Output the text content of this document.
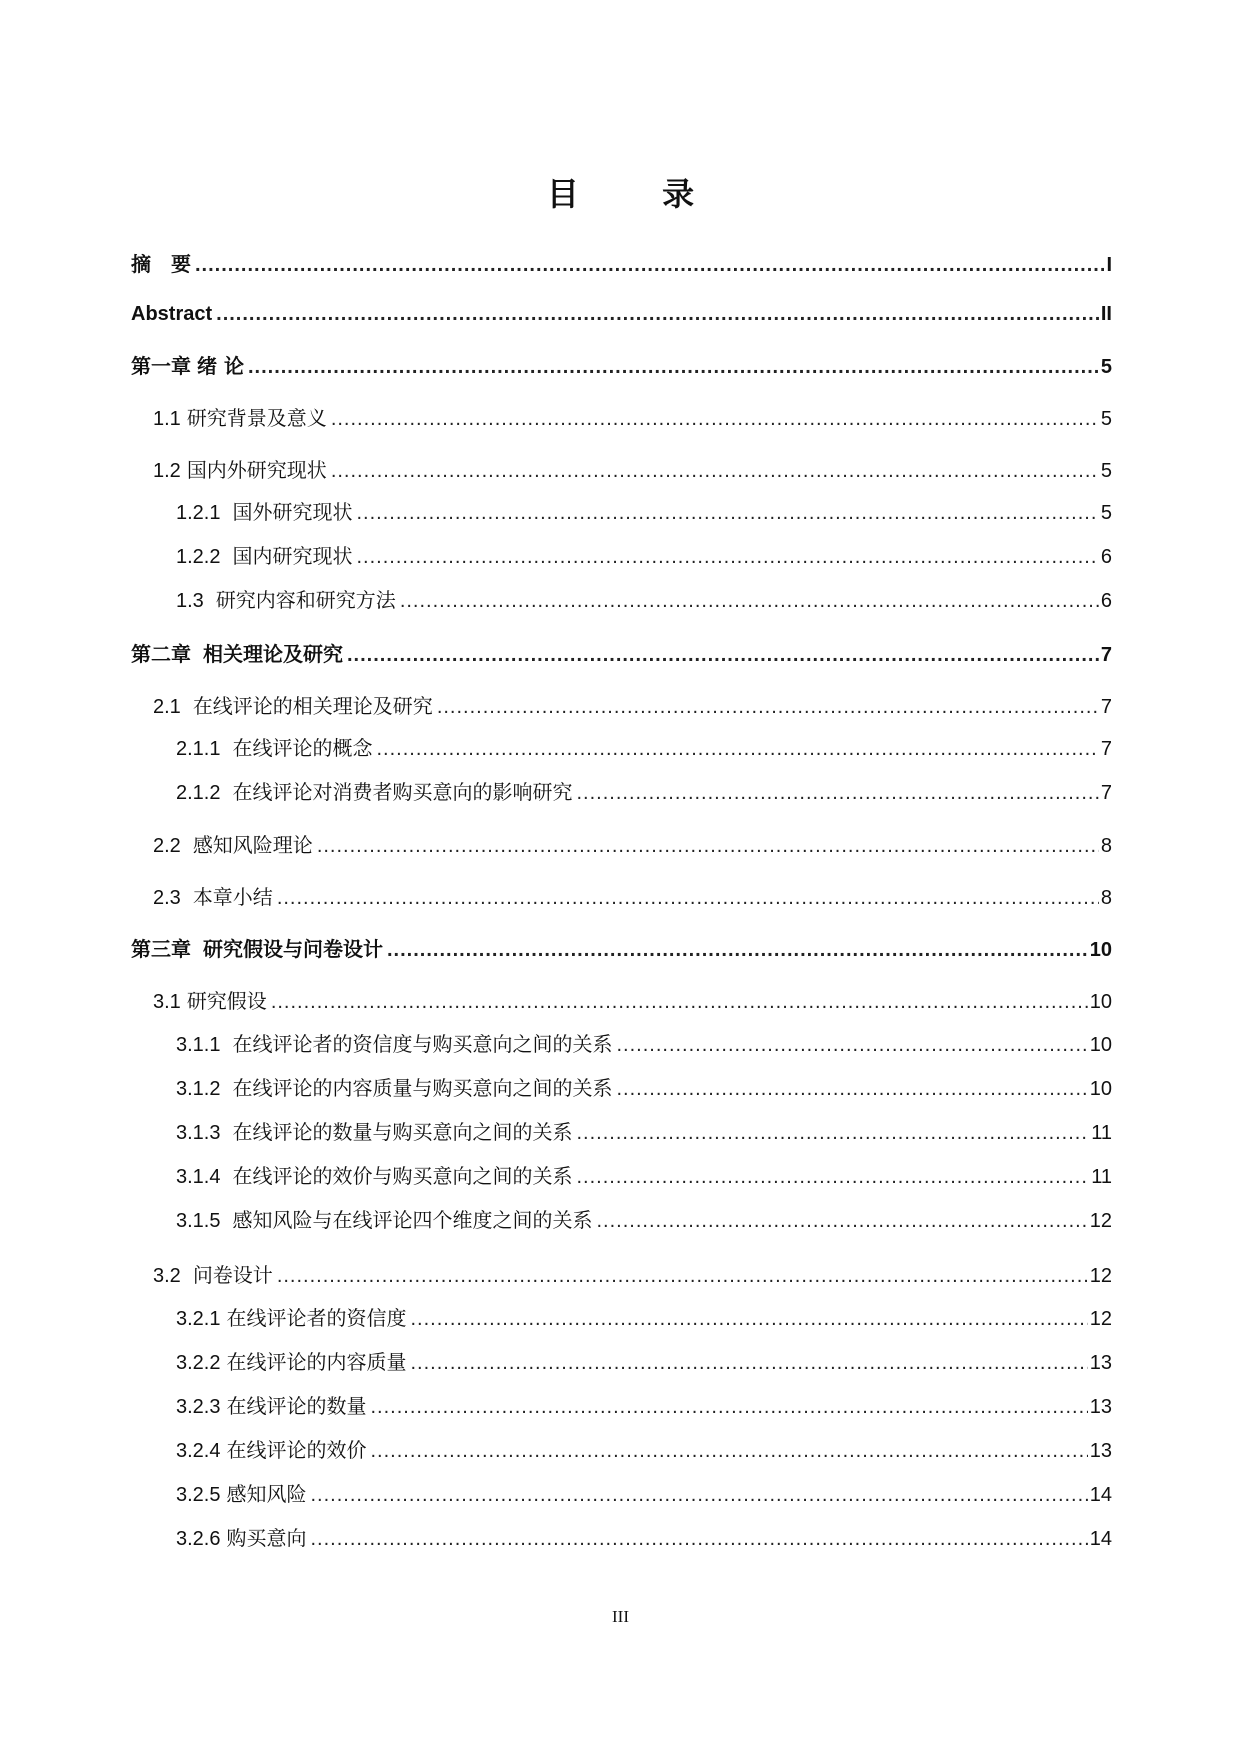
目 录
摘　要 .....	I
Abstract .....	II
第一章 绪 论 .....	5
1.1 研究背景及意义 .....	5
1.2 国内外研究现状 .....	5
1.2.1 国外研究现状 .....	5
1.2.2 国内研究现状 .....	6
1.3 研究内容和研究方法 .....	6
第二章 相关理论及研究 .....	7
2.1 在线评论的相关理论及研究 .....	7
2.1.1 在线评论的概念 .....	7
2.1.2 在线评论对消费者购买意向的影响研究 .....	7
2.2 感知风险理论 .....	8
2.3 本章小结 .....	8
第三章 研究假设与问卷设计 .....	10
3.1 研究假设 .....	10
3.1.1 在线评论者的资信度与购买意向之间的关系 .....	10
3.1.2 在线评论的内容质量与购买意向之间的关系 .....	10
3.1.3 在线评论的数量与购买意向之间的关系 .....	11
3.1.4 在线评论的效价与购买意向之间的关系 .....	11
3.1.5 感知风险与在线评论四个维度之间的关系 .....	12
3.2 问卷设计 .....	12
3.2.1 在线评论者的资信度 .....	12
3.2.2 在线评论的内容质量 .....	13
3.2.3 在线评论的数量 .....	13
3.2.4 在线评论的效价 .....	13
3.2.5 感知风险 .....	14
3.2.6 购买意向 .....	14
III
